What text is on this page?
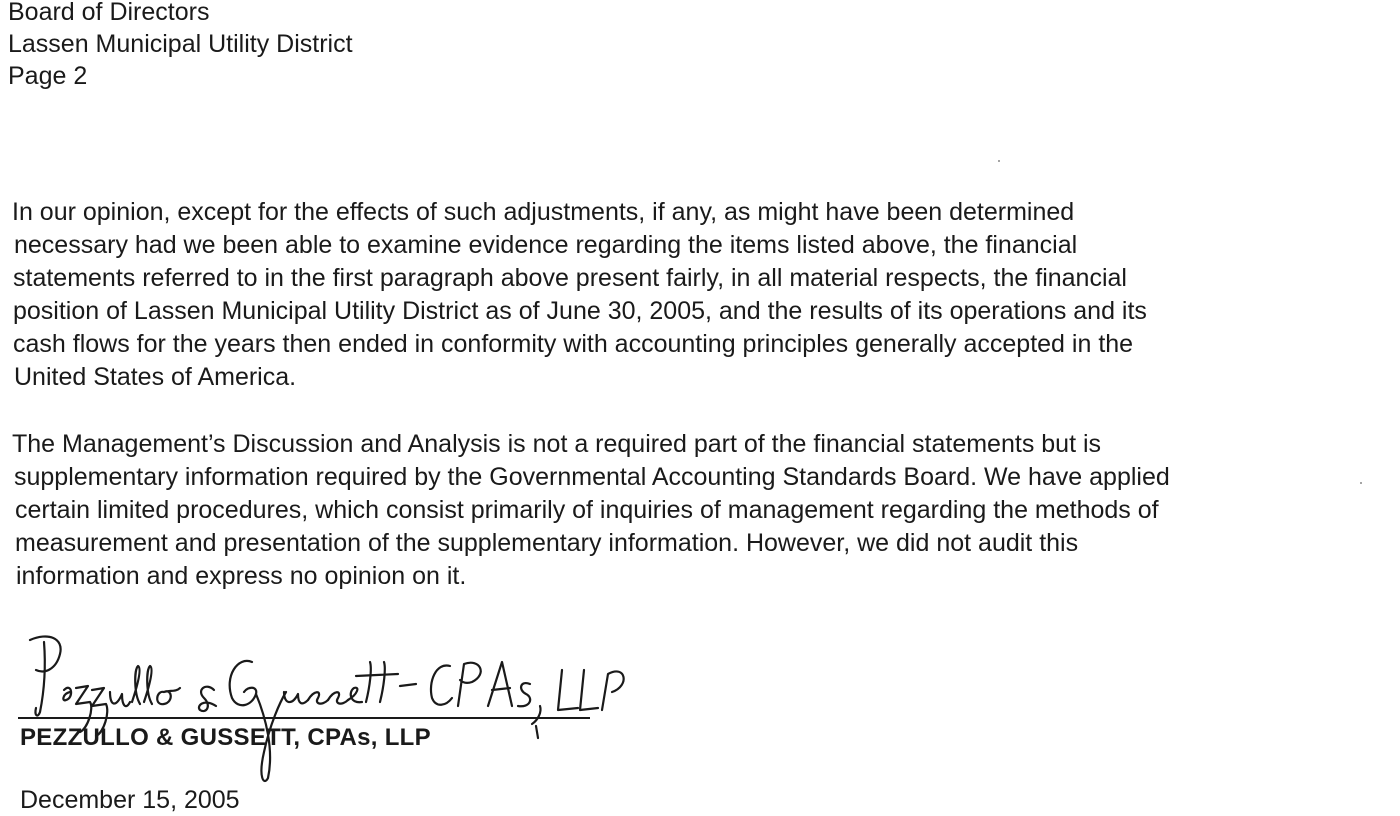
Board of Directors
Lassen Municipal Utility District
Page 2
In our opinion, except for the effects of such adjustments, if any, as might have been determined
necessary had we been able to examine evidence regarding the items listed above, the financial
statements referred to in the first paragraph above present fairly, in all material respects, the financial
position of Lassen Municipal Utility District as of June 30, 2005, and the results of its operations and its
cash flows for the years then ended in conformity with accounting principles generally accepted in the
United States of America.
The Management’s Discussion and Analysis is not a required part of the financial statements but is
supplementary information required by the Governmental Accounting Standards Board. We have applied
certain limited procedures, which consist primarily of inquiries of management regarding the methods of
measurement and presentation of the supplementary information. However, we did not audit this
information and express no opinion on it.
PEZZULLO & GUSSETT, CPAs, LLP
December 15, 2005
